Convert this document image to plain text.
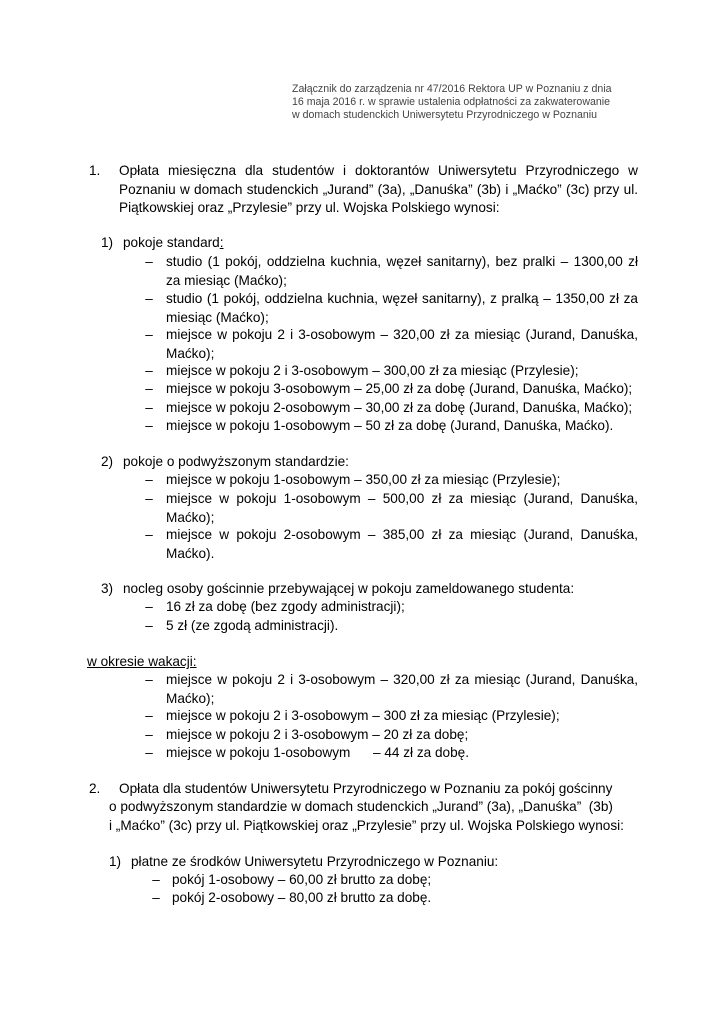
Załącznik do zarządzenia nr 47/2016 Rektora UP w Poznaniu z dnia
16 maja 2016 r. w sprawie ustalenia odpłatności za zakwaterowanie
w domach studenckich Uniwersytetu Przyrodniczego w Poznaniu
1. Opłata miesięczna dla studentów i doktorantów Uniwersytetu Przyrodniczego w Poznaniu w domach studenckich „Jurand” (3a), „Danuśka” (3b) i „Maćko” (3c) przy ul. Piątkowskiej oraz „Przylesie” przy ul. Wojska Polskiego wynosi:
1) pokoje standard:
– studio (1 pokój, oddzielna kuchnia, węzeł sanitarny), bez pralki – 1300,00 zł za miesiąc (Maćko);
– studio (1 pokój, oddzielna kuchnia, węzeł sanitarny), z pralką – 1350,00 zł za miesiąc (Maćko);
– miejsce w pokoju 2 i 3-osobowym – 320,00 zł za miesiąc (Jurand, Danuśka, Maćko);
– miejsce w pokoju 2 i 3-osobowym – 300,00 zł za miesiąc (Przylesie);
– miejsce w pokoju 3-osobowym – 25,00 zł za dobę (Jurand, Danuśka, Maćko);
– miejsce w pokoju 2-osobowym – 30,00 zł za dobę (Jurand, Danuśka, Maćko);
– miejsce w pokoju 1-osobowym – 50 zł za dobę (Jurand, Danuśka, Maćko).
2) pokoje o podwyższonym standardzie:
– miejsce w pokoju 1-osobowym – 350,00 zł za miesiąc (Przylesie);
– miejsce w pokoju 1-osobowym – 500,00 zł za miesiąc (Jurand, Danuśka, Maćko);
– miejsce w pokoju 2-osobowym – 385,00 zł za miesiąc (Jurand, Danuśka, Maćko).
3) nocleg osoby gościnnie przebywającej w pokoju zameldowanego studenta:
– 16 zł za dobę (bez zgody administracji);
– 5 zł (ze zgodą administracji).
w okresie wakacji:
– miejsce w pokoju 2 i 3-osobowym – 320,00 zł za miesiąc (Jurand, Danuśka, Maćko);
– miejsce w pokoju 2 i 3-osobowym – 300 zł za miesiąc (Przylesie);
– miejsce w pokoju 2 i 3-osobowym – 20 zł za dobę;
– miejsce w pokoju 1-osobowym      – 44 zł za dobę.
2. Opłata dla studentów Uniwersytetu Przyrodniczego w Poznaniu za pokój gościnny
o podwyższonym standardzie w domach studenckich „Jurand” (3a), „Danuśka”  (3b)
i „Maćko” (3c) przy ul. Piątkowskiej oraz „Przylesie” przy ul. Wojska Polskiego wynosi:
1) płatne ze środków Uniwersytetu Przyrodniczego w Poznaniu:
– pokój 1-osobowy – 60,00 zł brutto za dobę;
– pokój 2-osobowy – 80,00 zł brutto za dobę.
